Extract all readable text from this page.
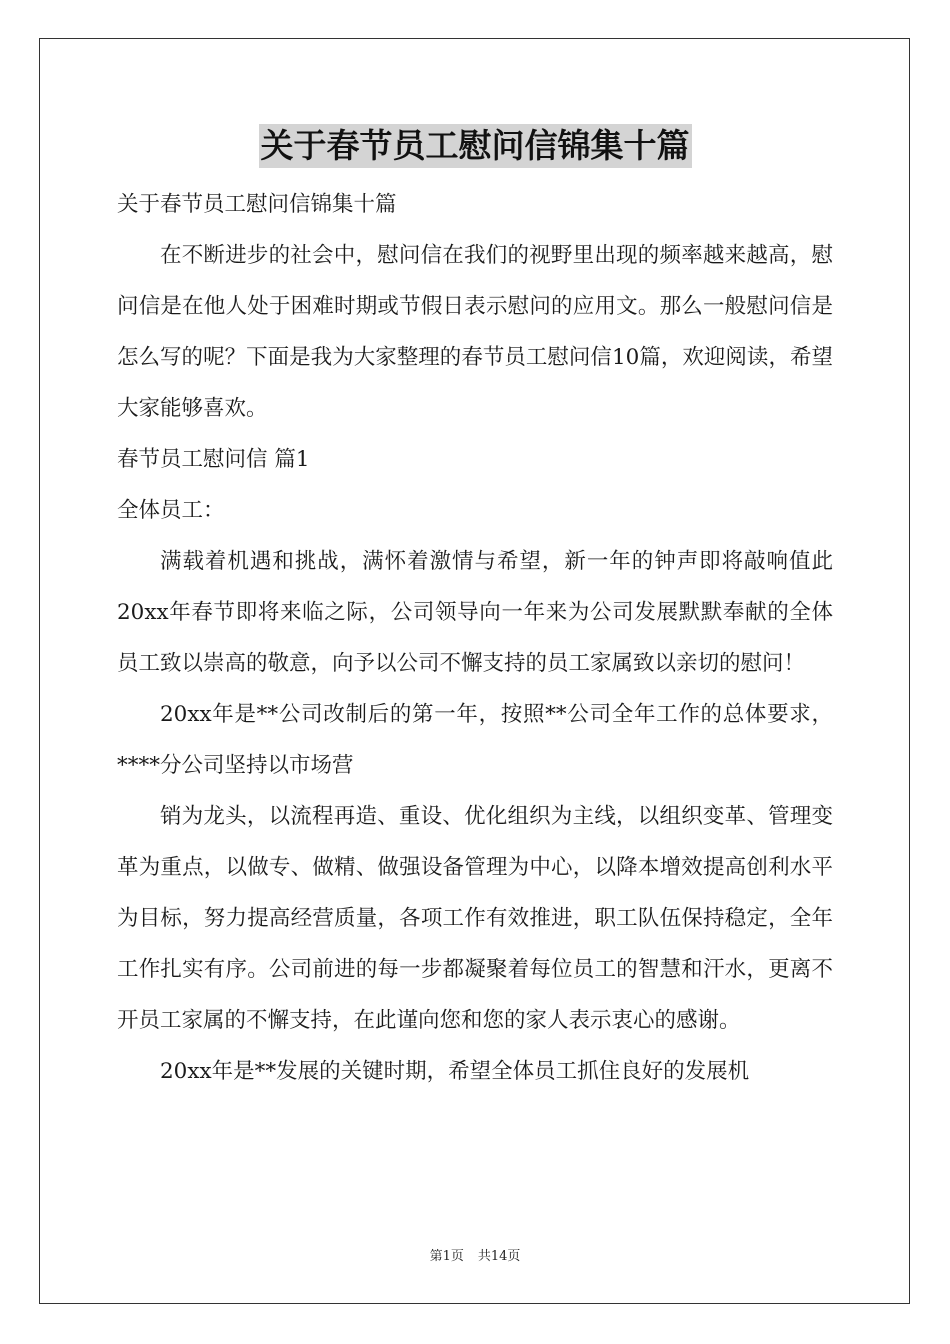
关于春节员工慰问信锦集十篇

关于春节员工慰问信锦集十篇

在不断进步的社会中，慰问信在我们的视野里出现的频率越来越高，慰问信是在他人处于困难时期或节假日表示慰问的应用文。那么一般慰问信是怎么写的呢？下面是我为大家整理的春节员工慰问信10篇，欢迎阅读，希望大家能够喜欢。

春节员工慰问信 篇1

全体员工：

满载着机遇和挑战，满怀着激情与希望，新一年的钟声即将敲响值此20xx年春节即将来临之际，公司领导向一年来为公司发展默默奉献的全体员工致以崇高的敬意，向予以公司不懈支持的员工家属致以亲切的慰问！

20xx年是**公司改制后的第一年，按照**公司全年工作的总体要求，****分公司坚持以市场营

销为龙头，以流程再造、重设、优化组织为主线，以组织变革、管理变革为重点，以做专、做精、做强设备管理为中心，以降本增效提高创利水平为目标，努力提高经营质量，各项工作有效推进，职工队伍保持稳定，全年工作扎实有序。公司前进的每一步都凝聚着每位员工的智慧和汗水，更离不开员工家属的不懈支持，在此谨向您和您的家人表示衷心的感谢。

20xx年是**发展的关键时期，希望全体员工抓住良好的发展机

第1页 共14页
